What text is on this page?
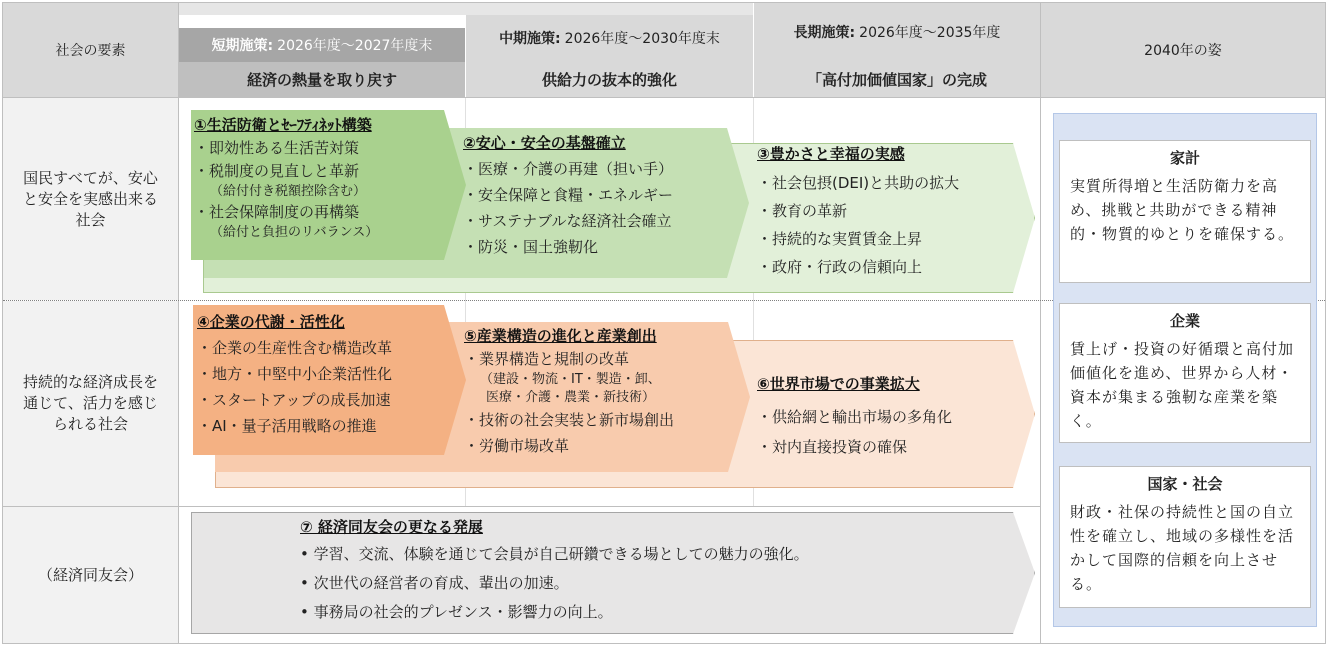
社会の要素	短期施策: 2026年度～2027年度末
経済の熱量を取り戻す
中期施策: 2026年度～2030年度末
供給力の抜本的強化
長期施策: 2026年度～2035年度
「高付加価値国家」の完成
2040年の姿
国民すべてが、安心と安全を実感出来る社会
持続的な経済成長を通じて、活力を感じられる社会
（経済同友会）
①生活防衛とｾｰﾌﾃｨﾈｯﾄ構築
・即効性ある生活苦対策
・税制度の見直しと革新
（給付付き税額控除含む）
・社会保障制度の再構築
（給付と負担のリバランス）
②安心・安全の基盤確立
・医療・介護の再建（担い手）
・安全保障と食糧・エネルギー
・サステナブルな経済社会確立
・防災・国土強靭化
③豊かさと幸福の実感
・社会包摂(DEI)と共助の拡大
・教育の革新
・持続的な実質賃金上昇
・政府・行政の信頼向上
④企業の代謝・活性化
・企業の生産性含む構造改革
・地方・中堅中小企業活性化
・スタートアップの成長加速
・AI・量子活用戦略の推進
⑤産業構造の進化と産業創出
・業界構造と規制の改革
（建設・物流・IT・製造・卸、
医療・介護・農業・新技術）
・技術の社会実装と新市場創出
・労働市場改革
⑥世界市場での事業拡大
・供給網と輸出市場の多角化
・対内直接投資の確保
⑦ 経済同友会の更なる発展
• 学習、交流、体験を通じて会員が自己研鑽できる場としての魅力の強化。
• 次世代の経営者の育成、輩出の加速。
• 事務局の社会的プレゼンス・影響力の向上。
家計
実質所得増と生活防衛力を高め、挑戦と共助ができる精神的・物質的ゆとりを確保する。
企業
賃上げ・投資の好循環と高付加価値化を進め、世界から人材・資本が集まる強靭な産業を築く。
国家・社会
財政・社保の持続性と国の自立性を確立し、地域の多様性を活かして国際的信頼を向上させる。
